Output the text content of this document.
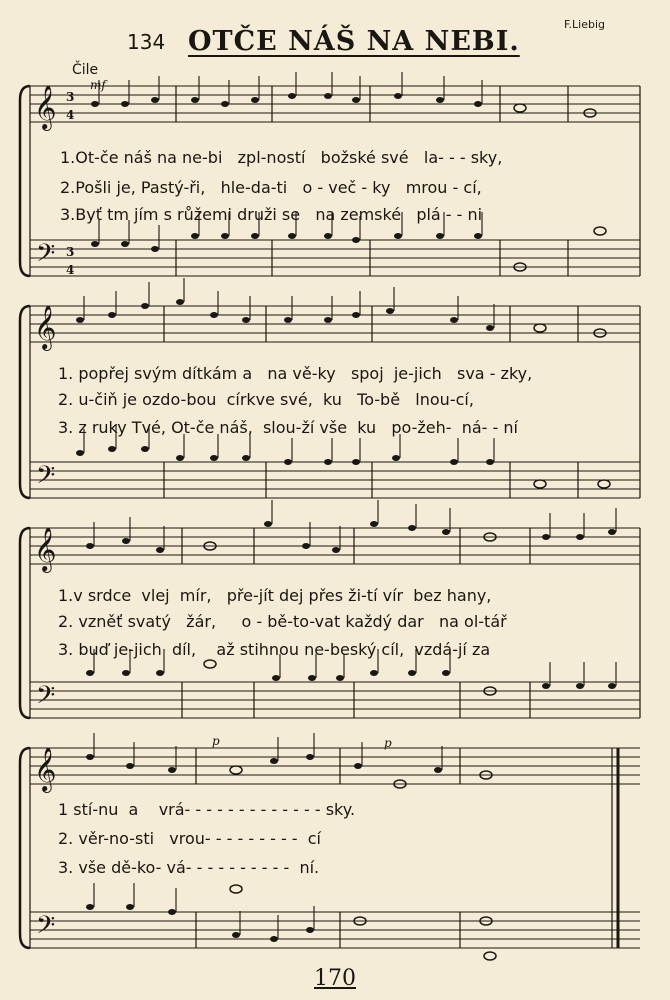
134 OTČE NÁŠ NA NEBI.
F.Liebig
Čile
mf
p	p
1.Ot-če náš na ne-bi   zpl-ností   božské své   la- - - sky,
2.Pošli je, Pastý-ři,   hle-da-ti   o - več - ky   mrou - cí,
3.Byť tm jím s růžemi druži se   na zemské   plá - - ni
1. popřej svým dítkám a   na vě-ky   spoj  je-jich   sva - zky,
2. u-čiň je ozdo-bou  církve své,  ku   To-bě   lnou-cí,
3. z ruky Tvé, Ot-če náš,  slou-ží vše  ku   po-žeh-  ná- - ní
1.v srdce  vlej  mír,   pře-jít dej přes ži-tí vír  bez hany,
2. vzněť svatý   žár,     o - bě-to-vat každý dar   na ol-tář
3. buď je-jich  díl,    až stihnou ne-beský cíl,  vzdá-jí za
1 stí-nu  a    vrá- - - - - - - - - - - - - sky.
2. věr-no-sti   vrou- - - - - - - - -  cí
3. vše dě-ko- vá- - - - - - - - - -  ní.
170
𝄞
𝄢
3
4
3
4
𝄞
𝄢
𝄞
𝄢
𝄞
𝄢
